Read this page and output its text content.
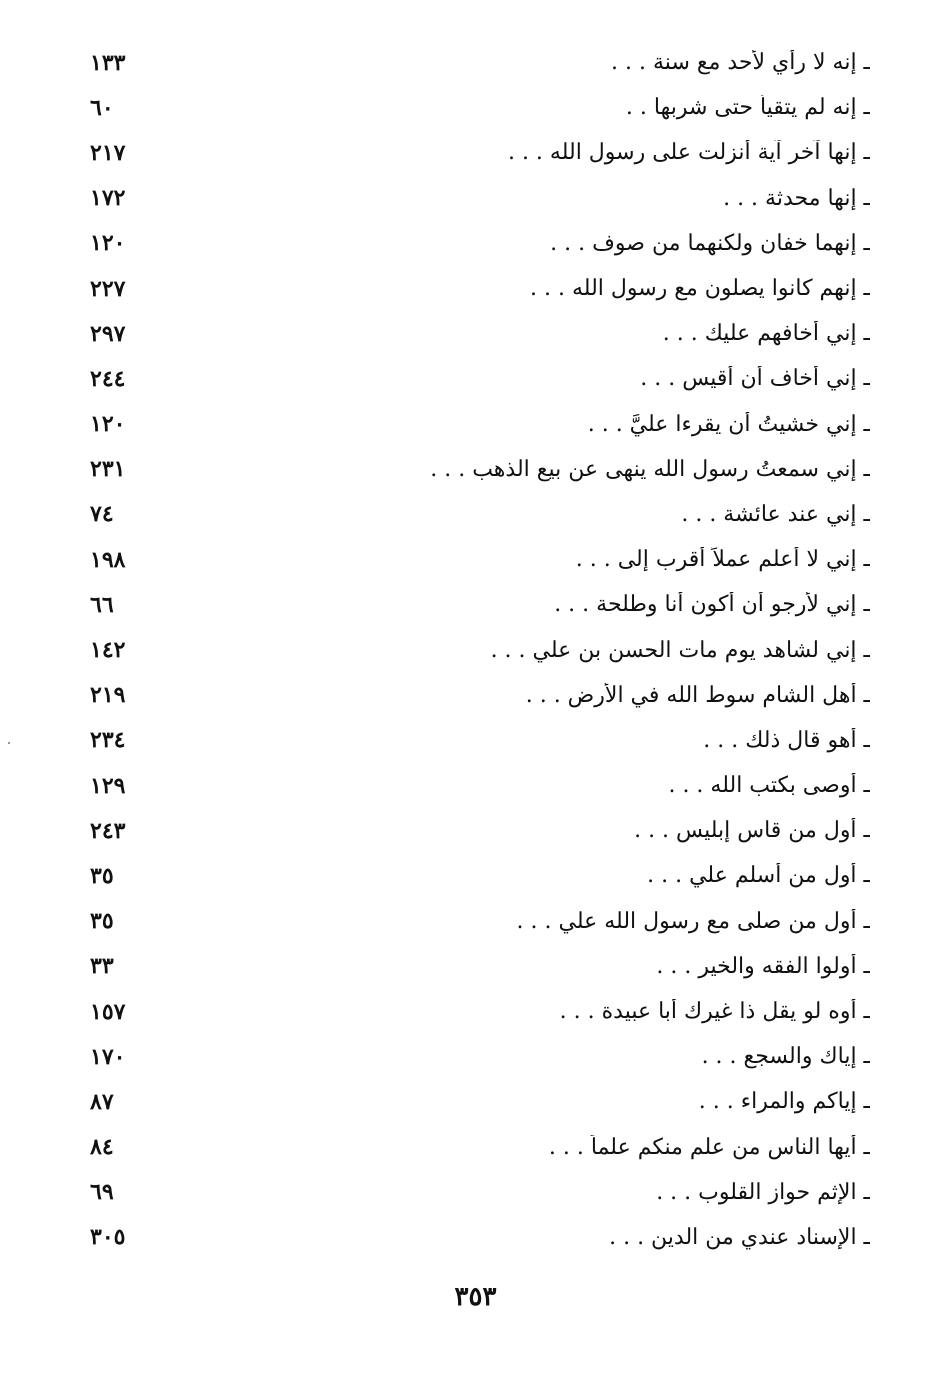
١٣٣	ـ إنه لا رأي لأحد مع سنة . . .
٦٠	ـ إنه لم يتقيأ حتى شربها . .
٢١٧	ـ إنها آخر آية أنزلت على رسول الله . . .
١٧٢	ـ إنها محدثة . . .
١٢٠	ـ إنهما خفان ولكنهما من صوف . . .
٢٢٧	ـ إنهم كانوا يصلون مع رسول الله . . .
٢٩٧	ـ إني أخافهم عليك . . .
٢٤٤	ـ إني أخاف أن أقيس . . .
١٢٠	ـ إني خشيتُ أن يقرءا عليَّ . . .
٢٣١	ـ إني سمعتُ رسول الله ينهى عن بيع الذهب . . .
٧٤	ـ إني عند عائشة . . .
١٩٨	ـ إني لا أعلم عملاً أقرب إلى . . .
٦٦	ـ إني لأرجو أن أكون أنا وطلحة . . .
١٤٢	ـ إني لشاهد يوم مات الحسن بن علي . . .
٢١٩	ـ أهل الشام سوط الله في الأرض . . .
٢٣٤	ـ أهو قال ذلك . . .
١٢٩	ـ أوصى بكتب الله . . .
٢٤٣	ـ أول من قاس إبليس . . .
٣٥	ـ أول من أسلم علي . . .
٣٥	ـ أول من صلى مع رسول الله علي . . .
٣٣	ـ أولوا الفقه والخير . . .
١٥٧	ـ أوه لو يقل ذا غيرك أبا عبيدة . . .
١٧٠	ـ إياك والسجع . . .
٨٧	ـ إياكم والمراء . . .
٨٤	ـ أيها الناس من علم منكم علماً . . .
٦٩	ـ الإثم حواز القلوب . . .
٣٠٥	ـ الإسناد عندي من الدين . . .
٣٥٣
